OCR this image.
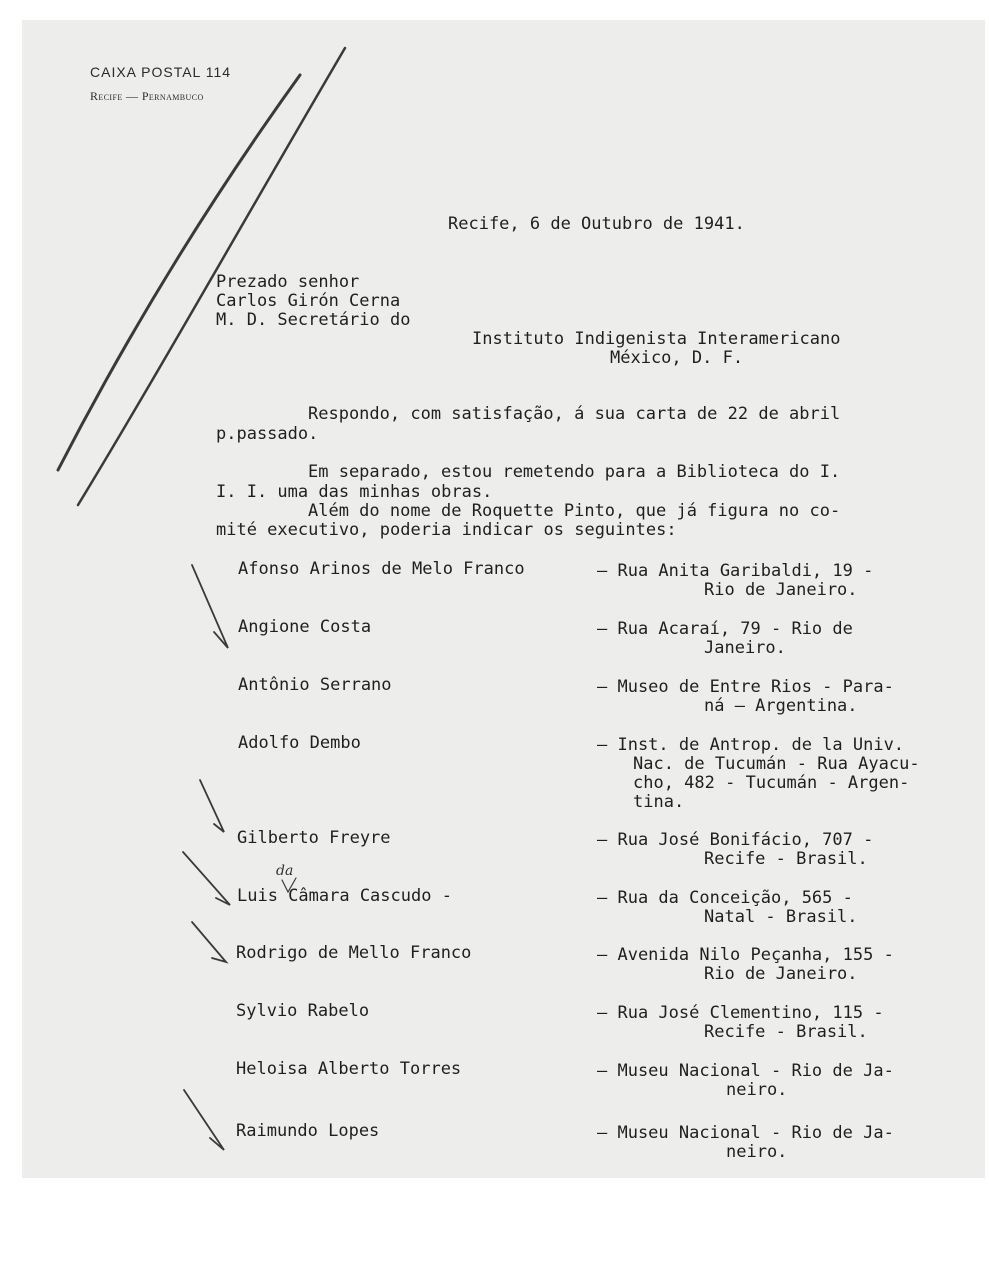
CAIXA POSTAL 114
Recife — Pernambuco
Recife, 6 de Outubro de 1941.
Prezado senhor
Carlos Girón Cerna
M. D. Secretário do
Instituto Indigenista Interamericano
México, D. F.
Respondo, com satisfação, á sua carta de 22 de abril
p.passado.
Em separado, estou remetendo para a Biblioteca do I.
I. I. uma das minhas obras.
Além do nome de Roquette Pinto, que já figura no co-
mité executivo, poderia indicar os seguintes:
Afonso Arinos de Melo Franco	– Rua Anita Garibaldi, 19 -
Rio de Janeiro.
Angione Costa	– Rua Acaraí, 79 - Rio de
Janeiro.
Antônio Serrano	– Museo de Entre Rios - Para-
ná – Argentina.
Adolfo Dembo	– Inst. de Antrop. de la Univ.
Nac. de Tucumán - Rua Ayacu-
cho, 482 - Tucumán - Argen-
tina.
Gilberto Freyre	– Rua José Bonifácio, 707 -
Recife - Brasil.
Luis Câmara Cascudo -	– Rua da Conceição, 565 -
Natal - Brasil.
Rodrigo de Mello Franco	– Avenida Nilo Peçanha, 155 -
Rio de Janeiro.
Sylvio Rabelo	– Rua José Clementino, 115 -
Recife - Brasil.
Heloisa Alberto Torres	– Museu Nacional - Rio de Ja-
neiro.
Raimundo Lopes	– Museu Nacional - Rio de Ja-
neiro.
da
